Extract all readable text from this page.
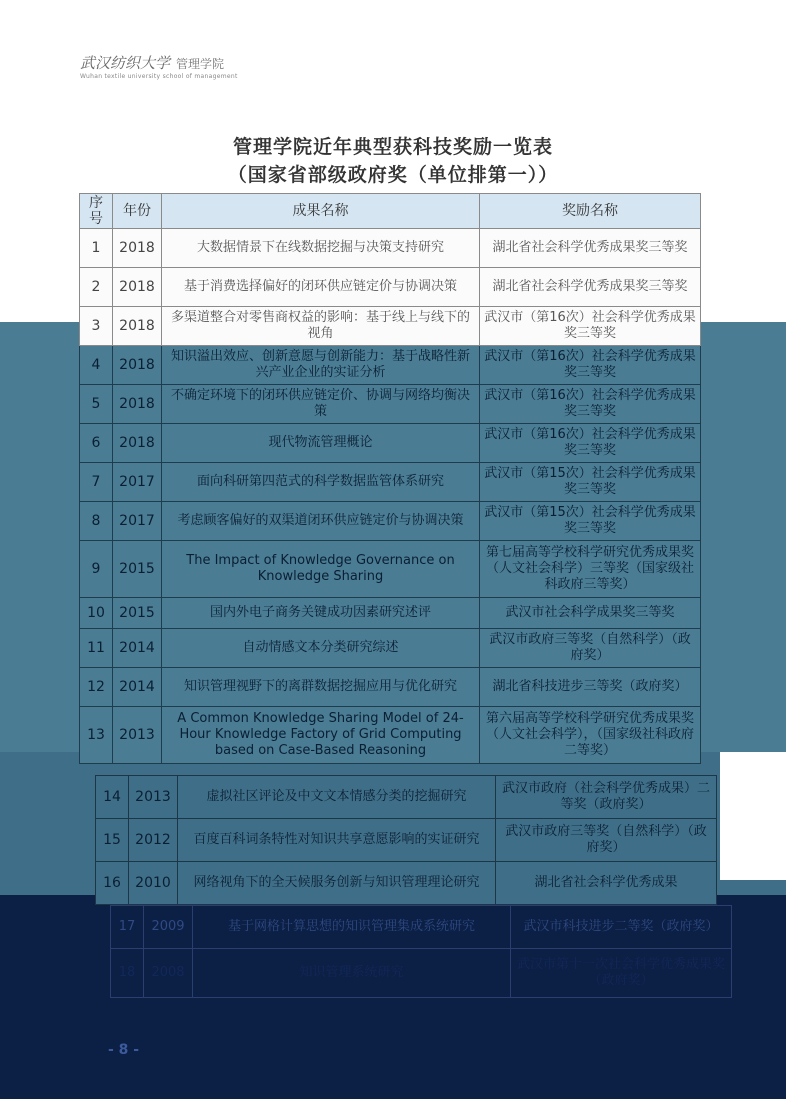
武汉纺织大学 管理学院
Wuhan textile university school of management
管理学院近年典型获科技奖励一览表
（国家省部级政府奖（单位排第一））
序号	年份	成果名称	奖励名称
1	2018	大数据情景下在线数据挖掘与决策支持研究	湖北省社会科学优秀成果奖三等奖
2	2018	基于消费选择偏好的闭环供应链定价与协调决策	湖北省社会科学优秀成果奖三等奖
3	2018	多渠道整合对零售商权益的影响：基于线上与线下的视角	武汉市（第16次）社会科学优秀成果奖三等奖
4	2018	知识溢出效应、创新意愿与创新能力：基于战略性新兴产业企业的实证分析	武汉市（第16次）社会科学优秀成果奖三等奖
5	2018	不确定环境下的闭环供应链定价、协调与网络均衡决策	武汉市（第16次）社会科学优秀成果奖三等奖
6	2018	现代物流管理概论	武汉市（第16次）社会科学优秀成果奖三等奖
7	2017	面向科研第四范式的科学数据监管体系研究	武汉市（第15次）社会科学优秀成果奖三等奖
8	2017	考虑顾客偏好的双渠道闭环供应链定价与协调决策	武汉市（第15次）社会科学优秀成果奖三等奖
9	2015	The Impact of Knowledge Governance on Knowledge Sharing	第七届高等学校科学研究优秀成果奖（人文社会科学）三等奖（国家级社科政府三等奖）
10	2015	国内外电子商务关键成功因素研究述评	武汉市社会科学成果奖三等奖
11	2014	自动情感文本分类研究综述	武汉市政府三等奖（自然科学）（政府奖）
12	2014	知识管理视野下的离群数据挖掘应用与优化研究	湖北省科技进步三等奖（政府奖）
13	2013	A Common Knowledge Sharing Model of 24-Hour Knowledge Factory of Grid Computing based on Case-Based Reasoning	第六届高等学校科学研究优秀成果奖（人文社会科学），（国家级社科政府二等奖）
14	2013	虚拟社区评论及中文文本情感分类的挖掘研究	武汉市政府（社会科学优秀成果）二等奖（政府奖）
15	2012	百度百科词条特性对知识共享意愿影响的实证研究	武汉市政府三等奖（自然科学）（政府奖）
16	2010	网络视角下的全天候服务创新与知识管理理论研究	湖北省社会科学优秀成果
17	2009	基于网格计算思想的知识管理集成系统研究	武汉市科技进步二等奖（政府奖）
18	2008	知识管理系统研究	武汉市第十一次社会科学优秀成果奖（政府奖）
- 8 -
